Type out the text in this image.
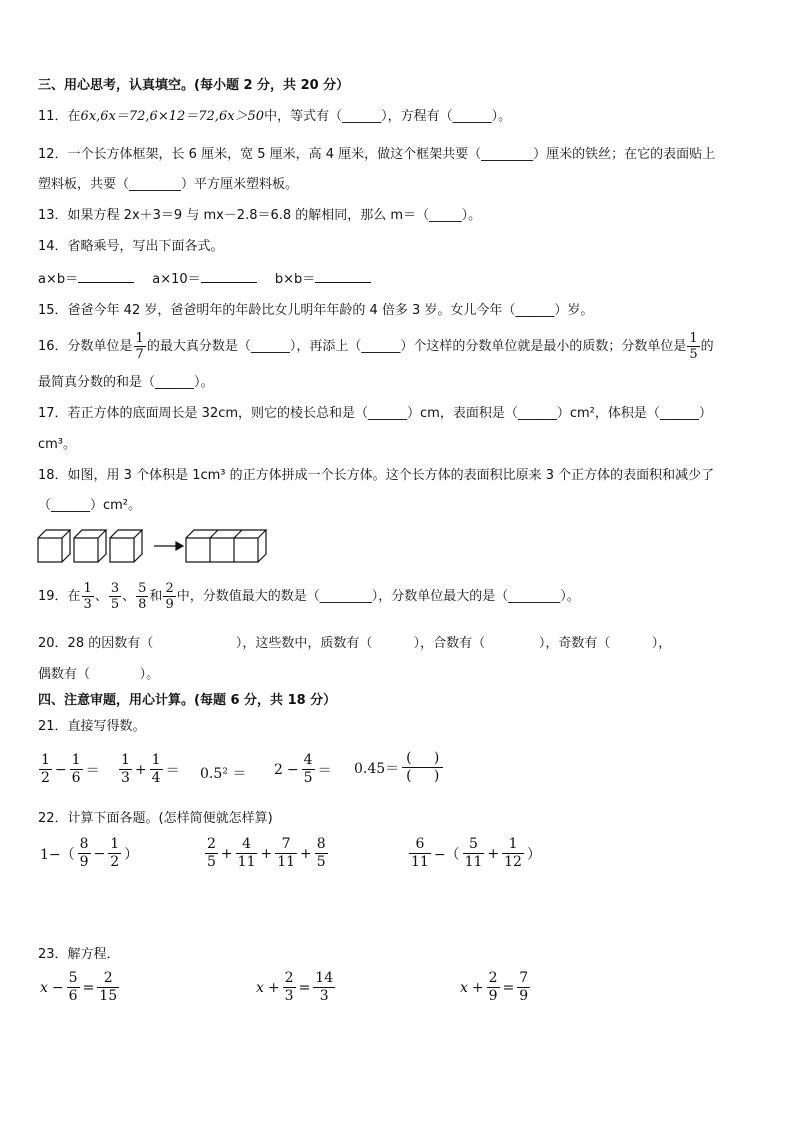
三、用心思考，认真填空。(每小题 2 分，共 20 分）
11．在6x,6x＝72,6×12＝72,6x＞50中，等式有（______），方程有（______）。
12．一个长方体框架，长 6 厘米，宽 5 厘米，高 4 厘米，做这个框架共要（________）厘米的铁丝；在它的表面贴上
塑料板，共要（________）平方厘米塑料板。
13．如果方程 2x＋3＝9 与 mx－2.8＝6.8 的解相同，那么 m＝（_____）。
14．省略乘号，写出下面各式。
a×b＝	a×10＝	b×b＝
15．爸爸今年 42 岁，爸爸明年的年龄比女儿明年年龄的 4 倍多 3 岁。女儿今年（______）岁。
16．分数单位是 $\frac{1}{7}$ 的最大真分数是（______），再添上（______）个这样的分数单位就是最小的质数；分数单位是 $\frac{1}{5}$ 的
最简真分数的和是（______）。
17．若正方体的底面周长是 32cm，则它的棱长总和是（______）cm，表面积是（______）cm²，体积是（______）
cm³。
18．如图，用 3 个体积是 1cm³ 的正方体拼成一个长方体。这个长方体的表面积比原来 3 个正方体的表面积和减少了
（______）cm²。
19．在 $\frac{1}{3}$ 、 $\frac{3}{5}$ 、 $\frac{5}{8}$ 和 $\frac{2}{9}$ 中，分数值最大的数是（________），分数单位最大的是（________）。
20．28 的因数有（                    ），这些数中，质数有（          ），合数有（             ），奇数有（          ），
偶数有（            ）。
四、注意审题，用心计算。(每题 6 分，共 18 分）
21．直接写得数。
1
2
− $\frac{1}{6}$ ＝
1
3
+ $\frac{1}{4} = 0.5^2 = 2 - \frac{4}{5} = 0.45=$
(     )
(     )
22．计算下面各题。(怎样简便就怎样算)
1−（
8
9
− $\frac{1}{2}$ ）
2
5
+ $\frac{4}{11} + \frac{7}{11} + \frac{8}{5}$	6
11 −（
5
11
+ $\frac{1}{12}$ ）
23．解方程．
$x - \frac{5}{6} = \frac{2}{15}$	$x + \frac{2}{3} = \frac{14}{3}$	$x + \frac{2}{9} = \frac{7}{9}$
